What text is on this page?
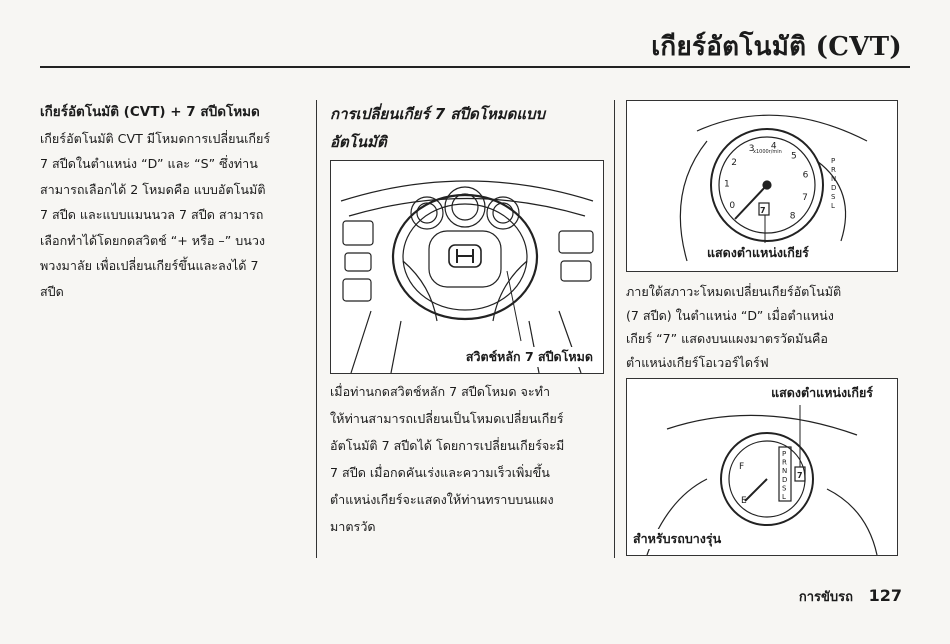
เกียร์อัตโนมัติ (CVT)
เกียร์อัตโนมัติ (CVT) + 7 สปีดโหมด
เกียร์อัตโนมัติ CVT มีโหมดการเปลี่ยนเกียร์
7 สปีดในตำแหน่ง “D” และ “S” ซึ่งท่าน
สามารถเลือกได้ 2 โหมดคือ แบบอัตโนมัติ
7 สปีด และแบบแมนนวล 7 สปีด สามารถ
เลือกทำได้โดยกดสวิตช์ “+ หรือ –” บนวง
พวงมาลัย เพื่อเปลี่ยนเกียร์ขึ้นและลงได้ 7
สปีด
การเปลี่ยนเกียร์ 7 สปีดโหมดแบบ
อัตโนมัติ
เมื่อท่านกดสวิตช์หลัก 7 สปีดโหมด จะทำ
ให้ท่านสามารถเปลี่ยนเป็นโหมดเปลี่ยนเกียร์
อัตโนมัติ 7 สปีดได้ โดยการเปลี่ยนเกียร์จะมี
7 สปีด เมื่อกดคันเร่งและความเร็วเพิ่มขึ้น
ตำแหน่งเกียร์จะแสดงให้ท่านทราบบนแผง
มาตรวัด
สวิตช์หลัก 7 สปีดโหมด
0
1
2
3 4
5
6
7
8
x1000r/min
7
P
R
N
D
S
L
แสดงตำแหน่งเกียร์
ภายใต้สภาวะโหมดเปลี่ยนเกียร์อัตโนมัติ
(7 สปีด) ในตำแหน่ง “D” เมื่อตำแหน่ง
เกียร์ “7” แสดงบนแผงมาตรวัดมันคือ
ตำแหน่งเกียร์โอเวอร์ไดร์ฟ
P
R
N
D
S
L
7
F
E
แสดงตำแหน่งเกียร์
สำหรับรถบางรุ่น
การขับรถ 127
